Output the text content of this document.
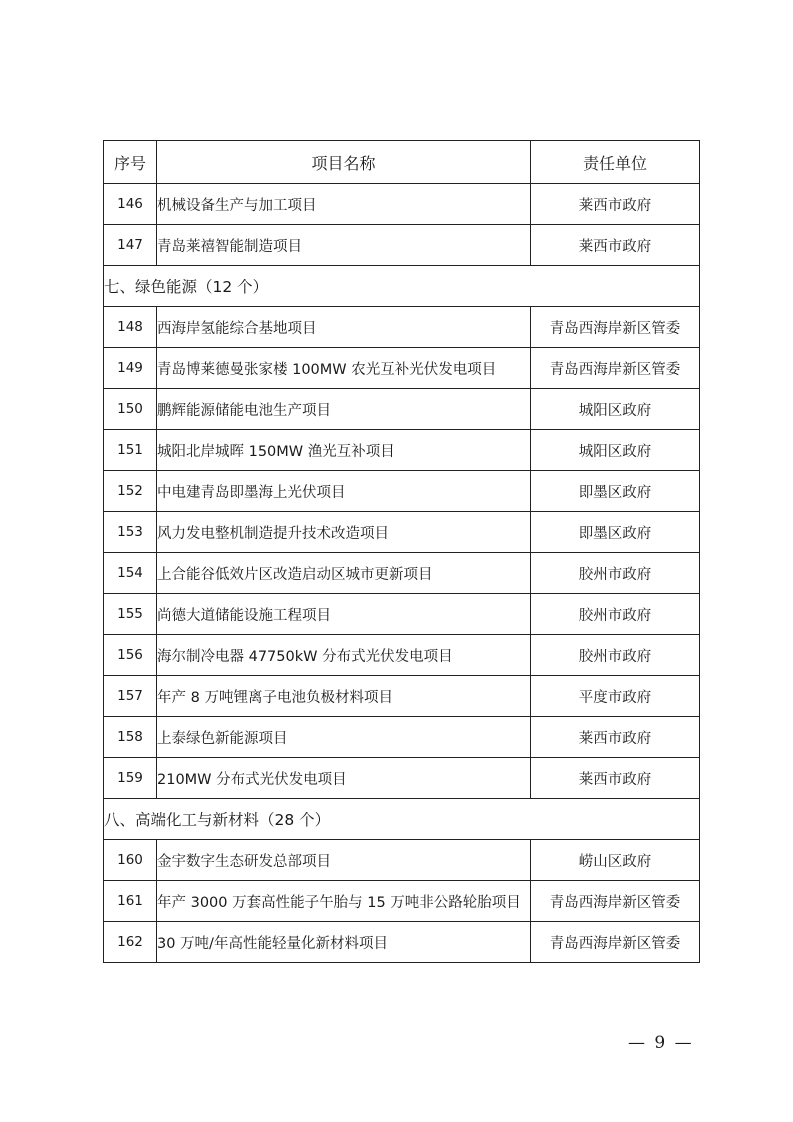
序号	项目名称	责任单位
146	机械设备生产与加工项目	莱西市政府
147	青岛莱禧智能制造项目	莱西市政府
七、绿色能源（12 个）		
148	西海岸氢能综合基地项目	青岛西海岸新区管委
149	青岛博莱德曼张家楼 100MW 农光互补光伏发电项目	青岛西海岸新区管委
150	鹏辉能源储能电池生产项目	城阳区政府
151	城阳北岸城晖 150MW 渔光互补项目	城阳区政府
152	中电建青岛即墨海上光伏项目	即墨区政府
153	风力发电整机制造提升技术改造项目	即墨区政府
154	上合能谷低效片区改造启动区城市更新项目	胶州市政府
155	尚德大道储能设施工程项目	胶州市政府
156	海尔制冷电器 47750kW 分布式光伏发电项目	胶州市政府
157	年产 8 万吨锂离子电池负极材料项目	平度市政府
158	上泰绿色新能源项目	莱西市政府
159	210MW 分布式光伏发电项目	莱西市政府
八、高端化工与新材料（28 个）		
160	金宇数字生态研发总部项目	崂山区政府
161	年产 3000 万套高性能子午胎与 15 万吨非公路轮胎项目	青岛西海岸新区管委
162	30 万吨/年高性能轻量化新材料项目	青岛西海岸新区管委
— 9 —
